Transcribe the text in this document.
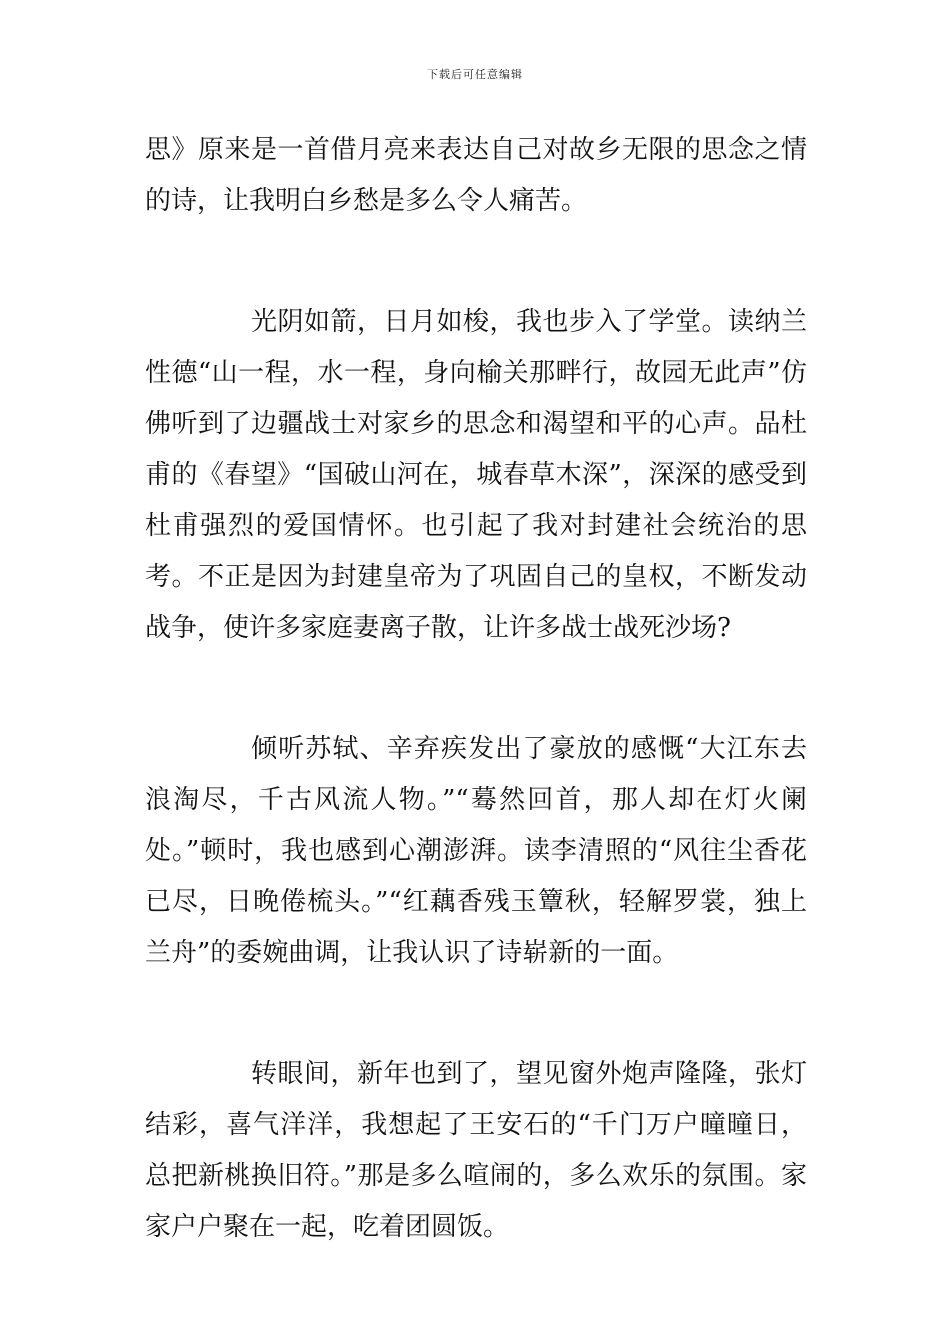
下载后可任意编辑

思》原来是一首借月亮来表达自己对故乡无限的思念之情的诗，让我明白乡愁是多么令人痛苦。

光阴如箭，日月如梭，我也步入了学堂。读纳兰性德“山一程，水一程，身向榆关那畔行，故园无此声”仿佛听到了边疆战士对家乡的思念和渴望和平的心声。品杜甫的《春望》“国破山河在，城春草木深”，深深的感受到杜甫强烈的爱国情怀。也引起了我对封建社会统治的思考。不正是因为封建皇帝为了巩固自己的皇权，不断发动战争，使许多家庭妻离子散，让许多战士战死沙场?

倾听苏轼、辛弃疾发出了豪放的感慨“大江东去浪淘尽，千古风流人物。”“蓦然回首，那人却在灯火阑处。”顿时，我也感到心潮澎湃。读李清照的“风往尘香花已尽，日晚倦梳头。”“红藕香残玉簟秋，轻解罗裳，独上兰舟”的委婉曲调，让我认识了诗崭新的一面。

转眼间，新年也到了，望见窗外炮声隆隆，张灯结彩，喜气洋洋，我想起了王安石的“千门万户曈曈日，总把新桃换旧符。”那是多么喧闹的，多么欢乐的氛围。家家户户聚在一起，吃着团圆饭。
